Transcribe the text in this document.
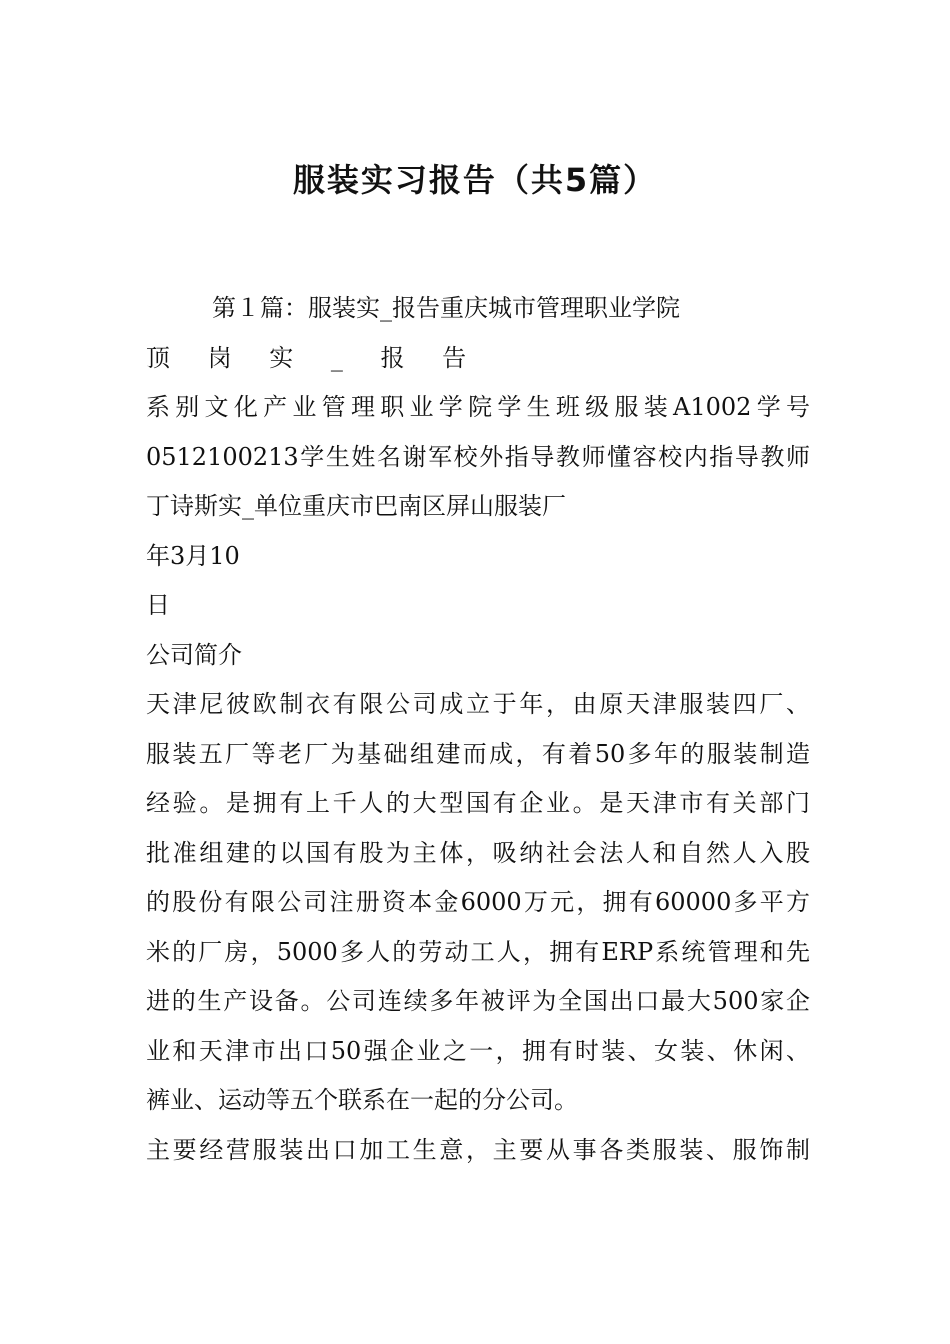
服装实习报告（共5篇）
第１篇：服装实_报告重庆城市管理职业学院
顶 岗 实 _ 报 告
系别文化产业管理职业学院学生班级服装A1002学号
0512100213学生姓名谢军校外指导教师懂容校内指导教师
丁诗斯实_单位重庆市巴南区屏山服装厂
年3月10
日
公司简介
天津尼彼欧制衣有限公司成立于年，由原天津服装四厂、
服装五厂等老厂为基础组建而成，有着50多年的服装制造
经验。是拥有上千人的大型国有企业。是天津市有关部门
批准组建的以国有股为主体，吸纳社会法人和自然人入股
的股份有限公司注册资本金6000万元，拥有60000多平方
米的厂房，5000多人的劳动工人，拥有ERP系统管理和先
进的生产设备。公司连续多年被评为全国出口最大500家企
业和天津市出口50强企业之一，拥有时装、女装、休闲、
裤业、运动等五个联系在一起的分公司。
主要经营服装出口加工生意，主要从事各类服装、服饰制
